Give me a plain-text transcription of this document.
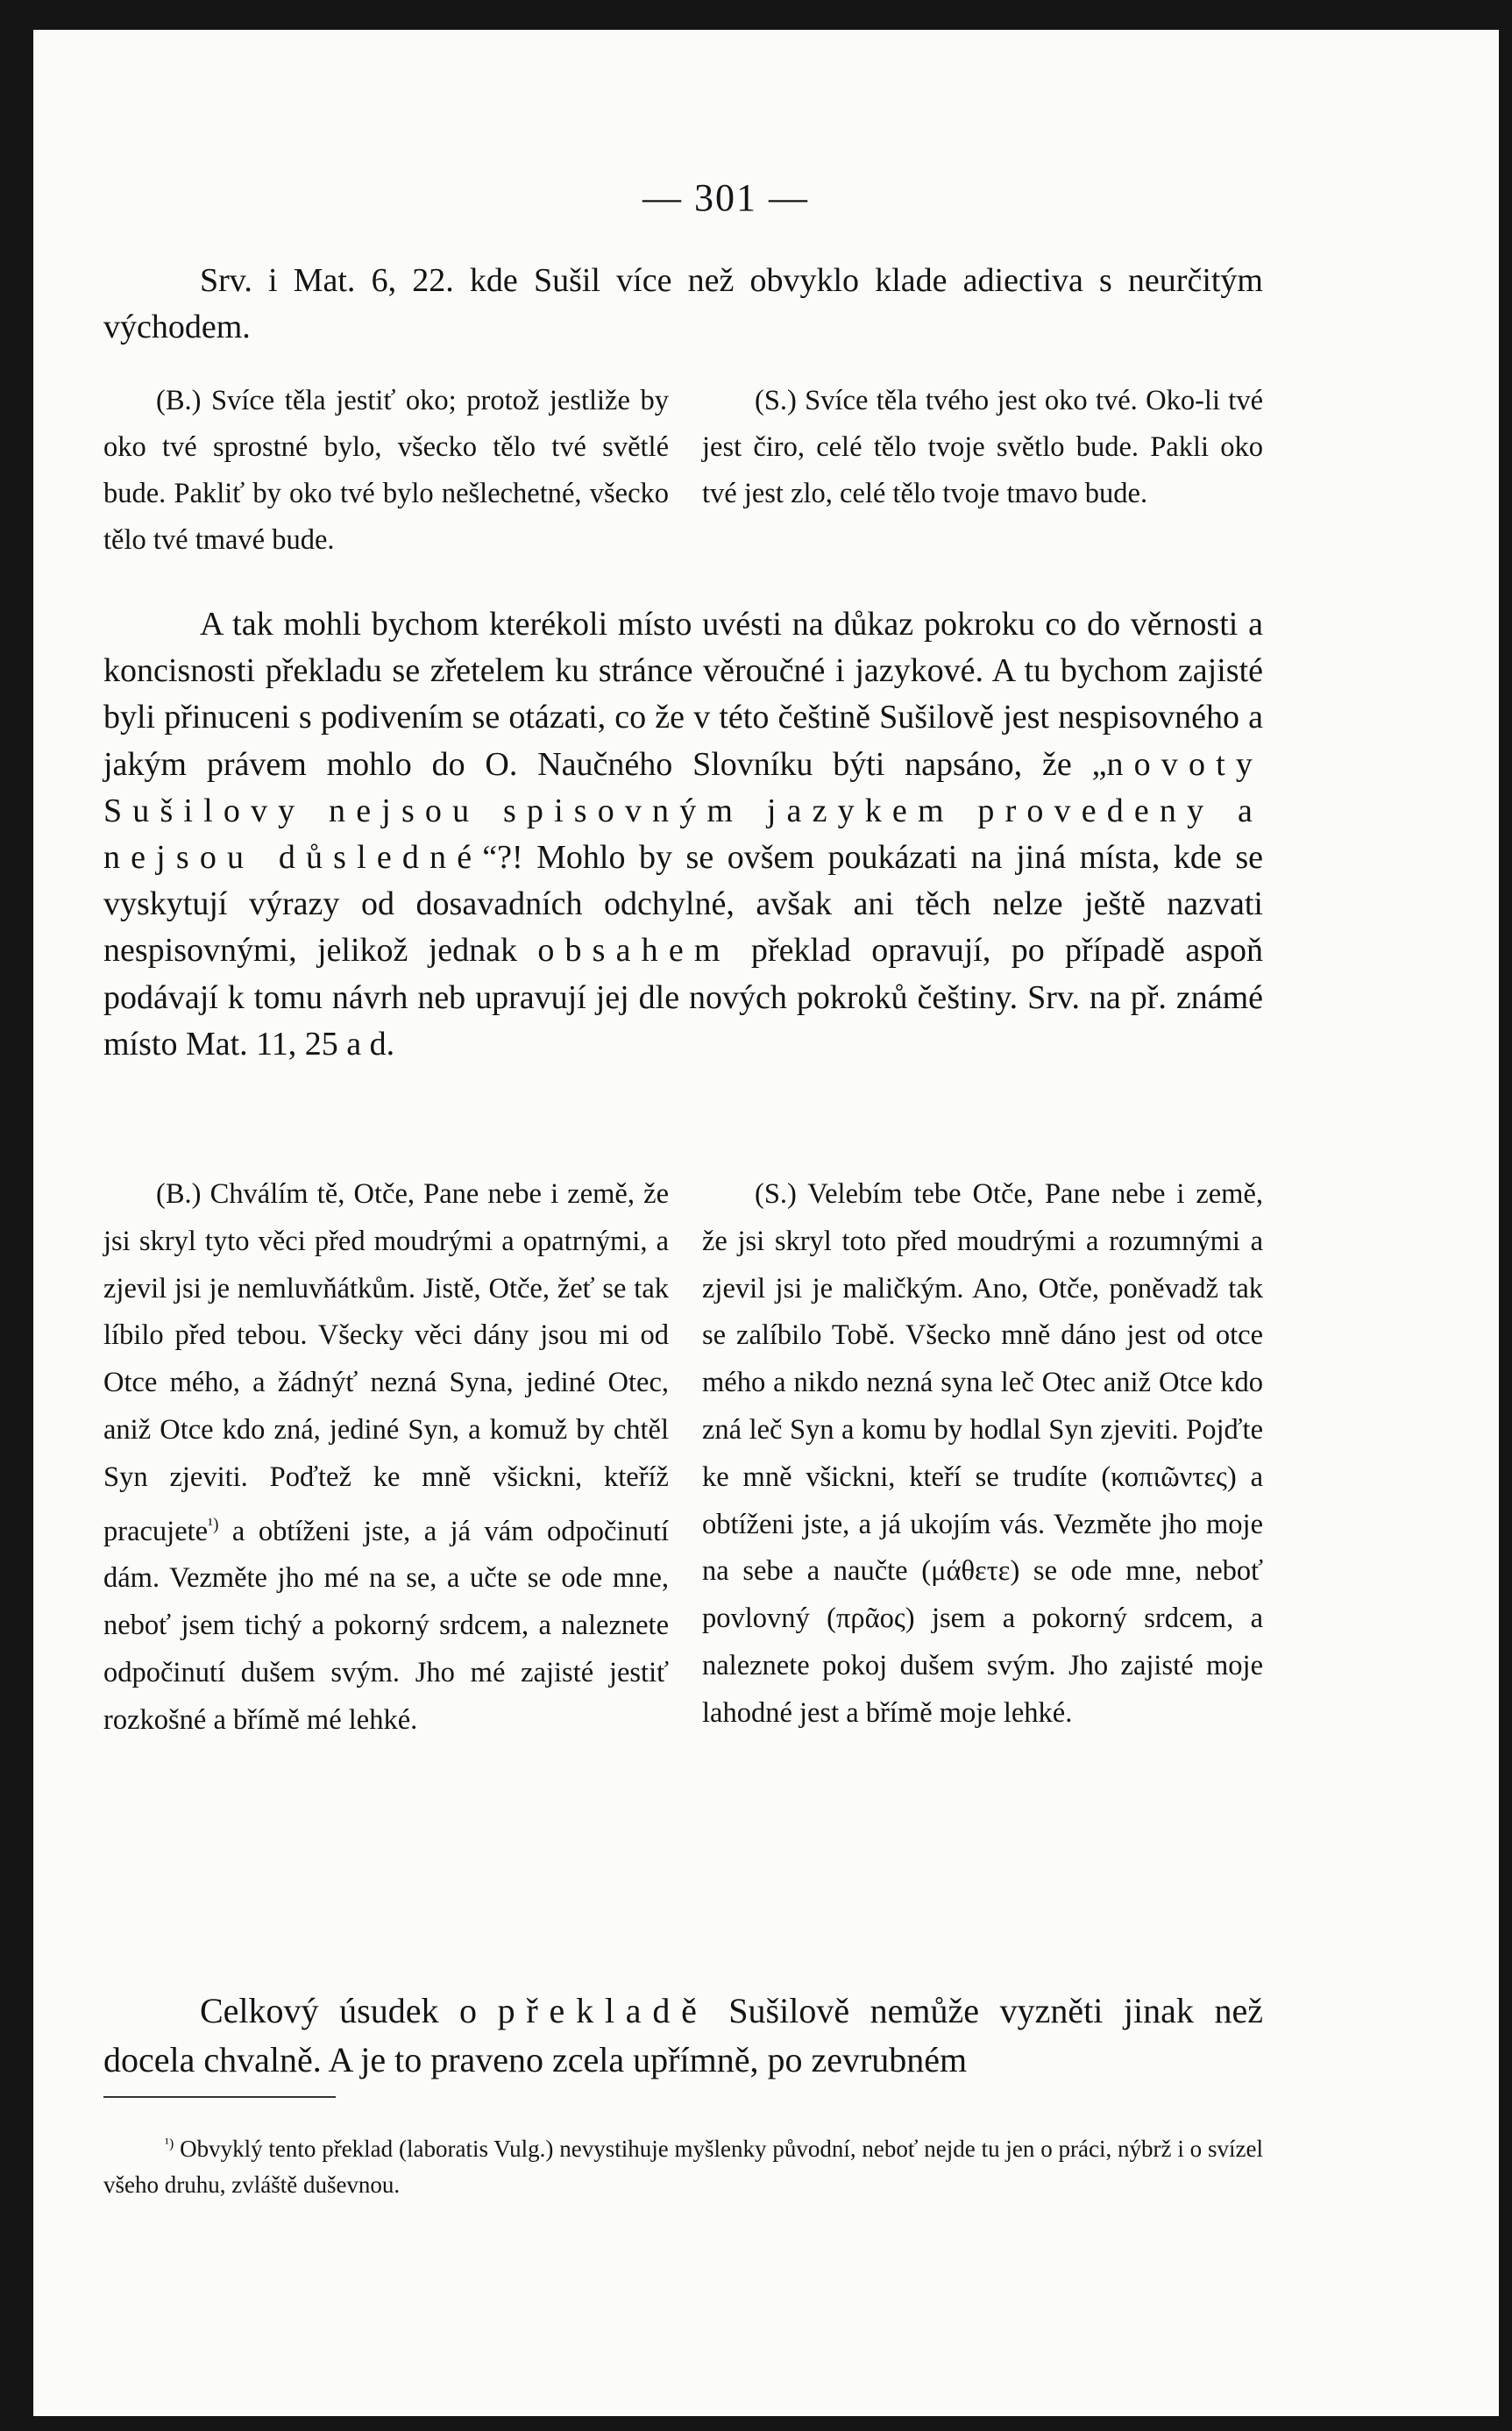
— 301 —

Srv. i Mat. 6, 22. kde Sušil více než obvyklo klade adiectiva s neurčitým východem.

(B.) Svíce těla jestiť oko; protož jestliže by oko tvé sprostné bylo, všecko tělo tvé světlé bude. Pakliť by oko tvé bylo nešlechetné, všecko tělo tvé tmavé bude.
(S.) Svíce těla tvého jest oko tvé. Oko-li tvé jest čiro, celé tělo tvoje světlo bude. Pakli oko tvé jest zlo, celé tělo tvoje tmavo bude.

A tak mohli bychom kterékoli místo uvésti na důkaz pokroku co do věrnosti a koncisnosti překladu se zřetelem ku stránce věroučné i jazykové. A tu bychom zajisté byli přinuceni s podivením se otázati, co že v této češtině Sušilově jest nespisovného a jakým právem mohlo do O. Naučného Slovníku býti napsáno, že „novoty Sušilovy nejsou spisovným jazykem provedeny a nejsou důsledné“?! Mohlo by se ovšem poukázati na jiná místa, kde se vyskytují výrazy od dosavadních odchylné, avšak ani těch nelze ještě nazvati nespisovnými, jelikož jednak obsahem překlad opravují, po případě aspoň podávají k tomu návrh neb upravují jej dle nových pokroků češtiny. Srv. na př. známé místo Mat. 11, 25 a d.

(B.) Chválím tě, Otče, Pane nebe i země, že jsi skryl tyto věci před moudrými a opatrnými, a zjevil jsi je nemluvňátkům. Jistě, Otče, žeť se tak líbilo před tebou. Všecky věci dány jsou mi od Otce mého, a žádnýť nezná Syna, jediné Otec, aniž Otce kdo zná, jediné Syn, a komuž by chtěl Syn zjeviti. Poďtež ke mně všickni, kteříž pracujete$^{^1)}$ a obtíženi jste, a já vám odpočinutí dám. Vezměte jho mé na se, a učte se ode mne, neboť jsem tichý a pokorný srdcem, a naleznete odpočinutí dušem svým. Jho mé zajisté jestiť rozkošné a břímě mé lehké.
(S.) Velebím tebe Otče, Pane nebe i země, že jsi skryl toto před moudrými a rozumnými a zjevil jsi je maličkým. Ano, Otče, poněvadž tak se zalíbilo Tobě. Všecko mně dáno jest od otce mého a nikdo nezná syna leč Otec aniž Otce kdo zná leč Syn a komu by hodlal Syn zjeviti. Pojďte ke mně všickni, kteří se trudíte (κοπιῶντες) a obtíženi jste, a já ukojím vás. Vezměte jho moje na sebe a naučte (μάθετε) se ode mne, neboť povlovný (πρᾶος) jsem a pokorný srdcem, a naleznete pokoj dušem svým. Jho zajisté moje lahodné jest a břímě moje lehké.

Celkový úsudek o překladě Sušilově nemůže vyzněti jinak než docela chvalně. A je to praveno zcela upřímně, po zevrubném

$^{^1)}$ Obvyklý tento překlad (laboratis Vulg.) nevystihuje myšlenky původní, neboť nejde tu jen o práci, nýbrž i o svízel všeho druhu, zvláště duševnou.
